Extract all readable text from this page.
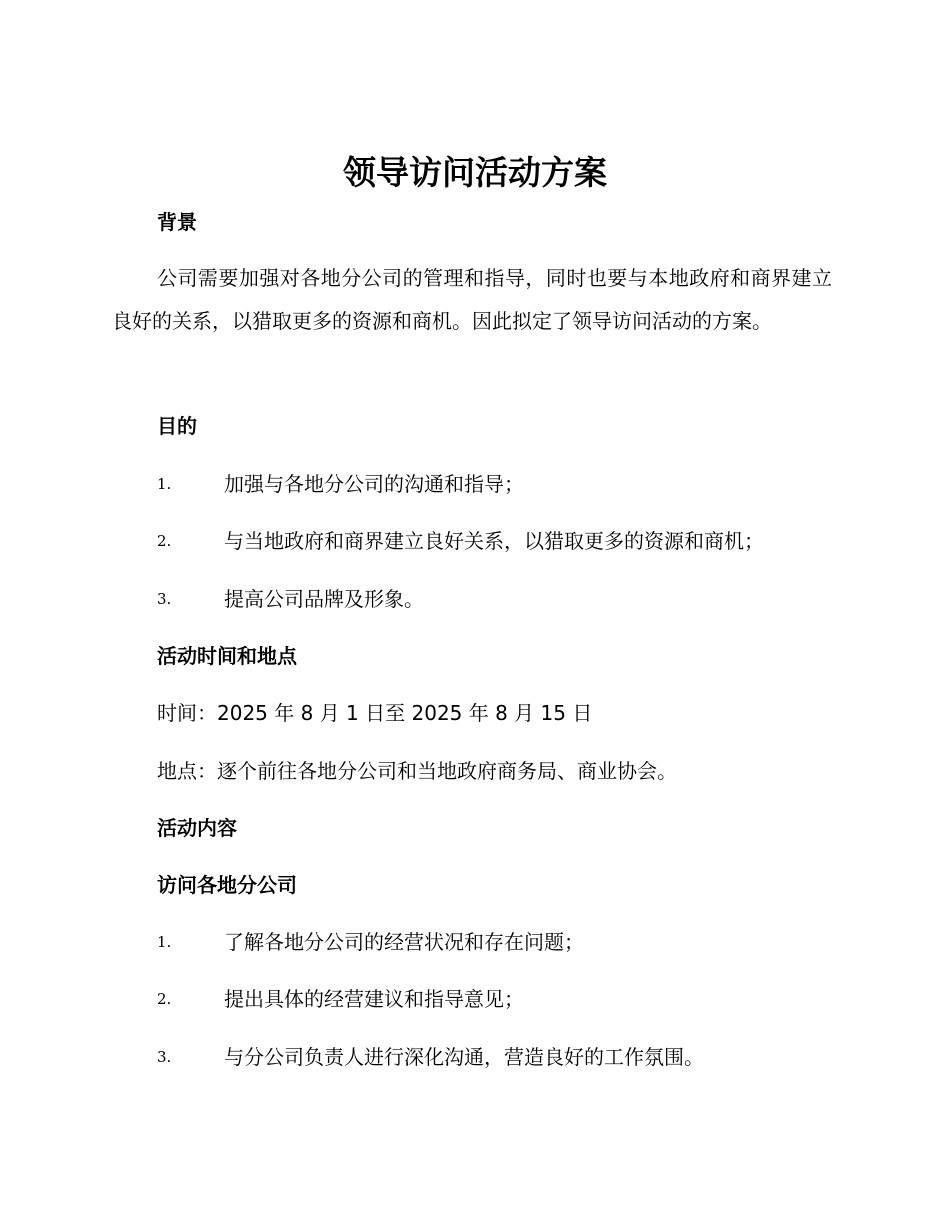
领导访问活动方案
背景
公司需要加强对各地分公司的管理和指导，同时也要与本地政府和商界建立良好的关系，以猎取更多的资源和商机。因此拟定了领导访问活动的方案。
目的
1.	加强与各地分公司的沟通和指导；
2.	与当地政府和商界建立良好关系，以猎取更多的资源和商机；
3.	提高公司品牌及形象。
活动时间和地点
时间：2025 年 8 月 1 日至 2025 年 8 月 15 日
地点：逐个前往各地分公司和当地政府商务局、商业协会。
活动内容
访问各地分公司
1.	了解各地分公司的经营状况和存在问题；
2.	提出具体的经营建议和指导意见；
3.	与分公司负责人进行深化沟通，营造良好的工作氛围。
